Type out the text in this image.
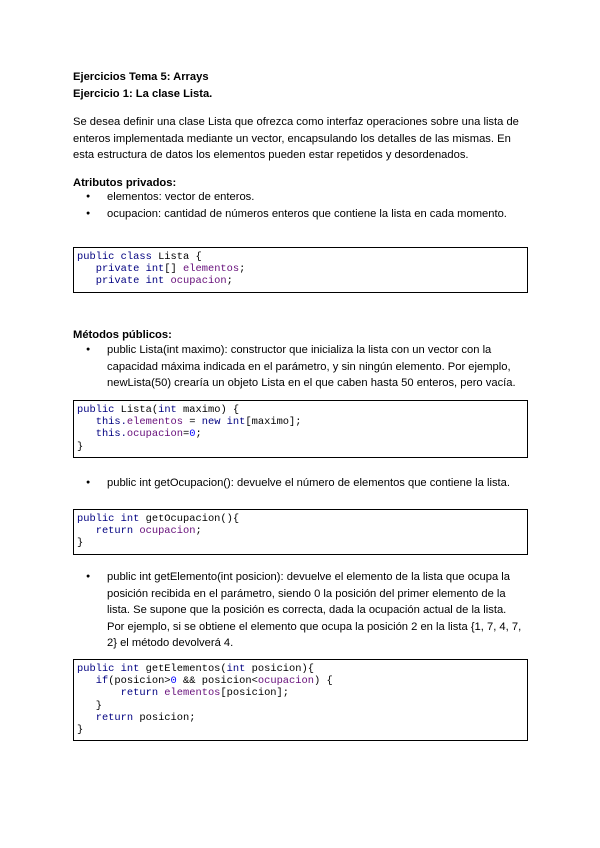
Ejercicios Tema 5: Arrays
Ejercicio 1: La clase Lista.
Se desea definir una clase Lista que ofrezca como interfaz operaciones sobre una lista de enteros implementada mediante un vector, encapsulando los detalles de las mismas. En esta estructura de datos los elementos pueden estar repetidos y desordenados.
Atributos privados:
● elementos: vector de enteros.
● ocupacion: cantidad de números enteros que contiene la lista en cada momento.
public class Lista {
private int[] elementos;
private int ocupacion;
Métodos públicos:
● public Lista(int maximo): constructor que inicializa la lista con un vector con la capacidad máxima indicada en el parámetro, y sin ningún elemento. Por ejemplo, newLista(50) crearía un objeto Lista en el que caben hasta 50 enteros, pero vacía.
public Lista(int maximo) {
this.elementos = new int[maximo];
this.ocupacion=0;
}
● public int getOcupacion(): devuelve el número de elementos que contiene la lista.
public int getOcupacion(){
return ocupacion;
}
● public int getElemento(int posicion): devuelve el elemento de la lista que ocupa la posición recibida en el parámetro, siendo 0 la posición del primer elemento de la lista. Se supone que la posición es correcta, dada la ocupación actual de la lista. Por ejemplo, si se obtiene el elemento que ocupa la posición 2 en la lista {1, 7, 4, 7, 2} el método devolverá 4.
public int getElementos(int posicion){
if(posicion>0 && posicion<ocupacion) {
return elementos[posicion];
}
return posicion;
}
